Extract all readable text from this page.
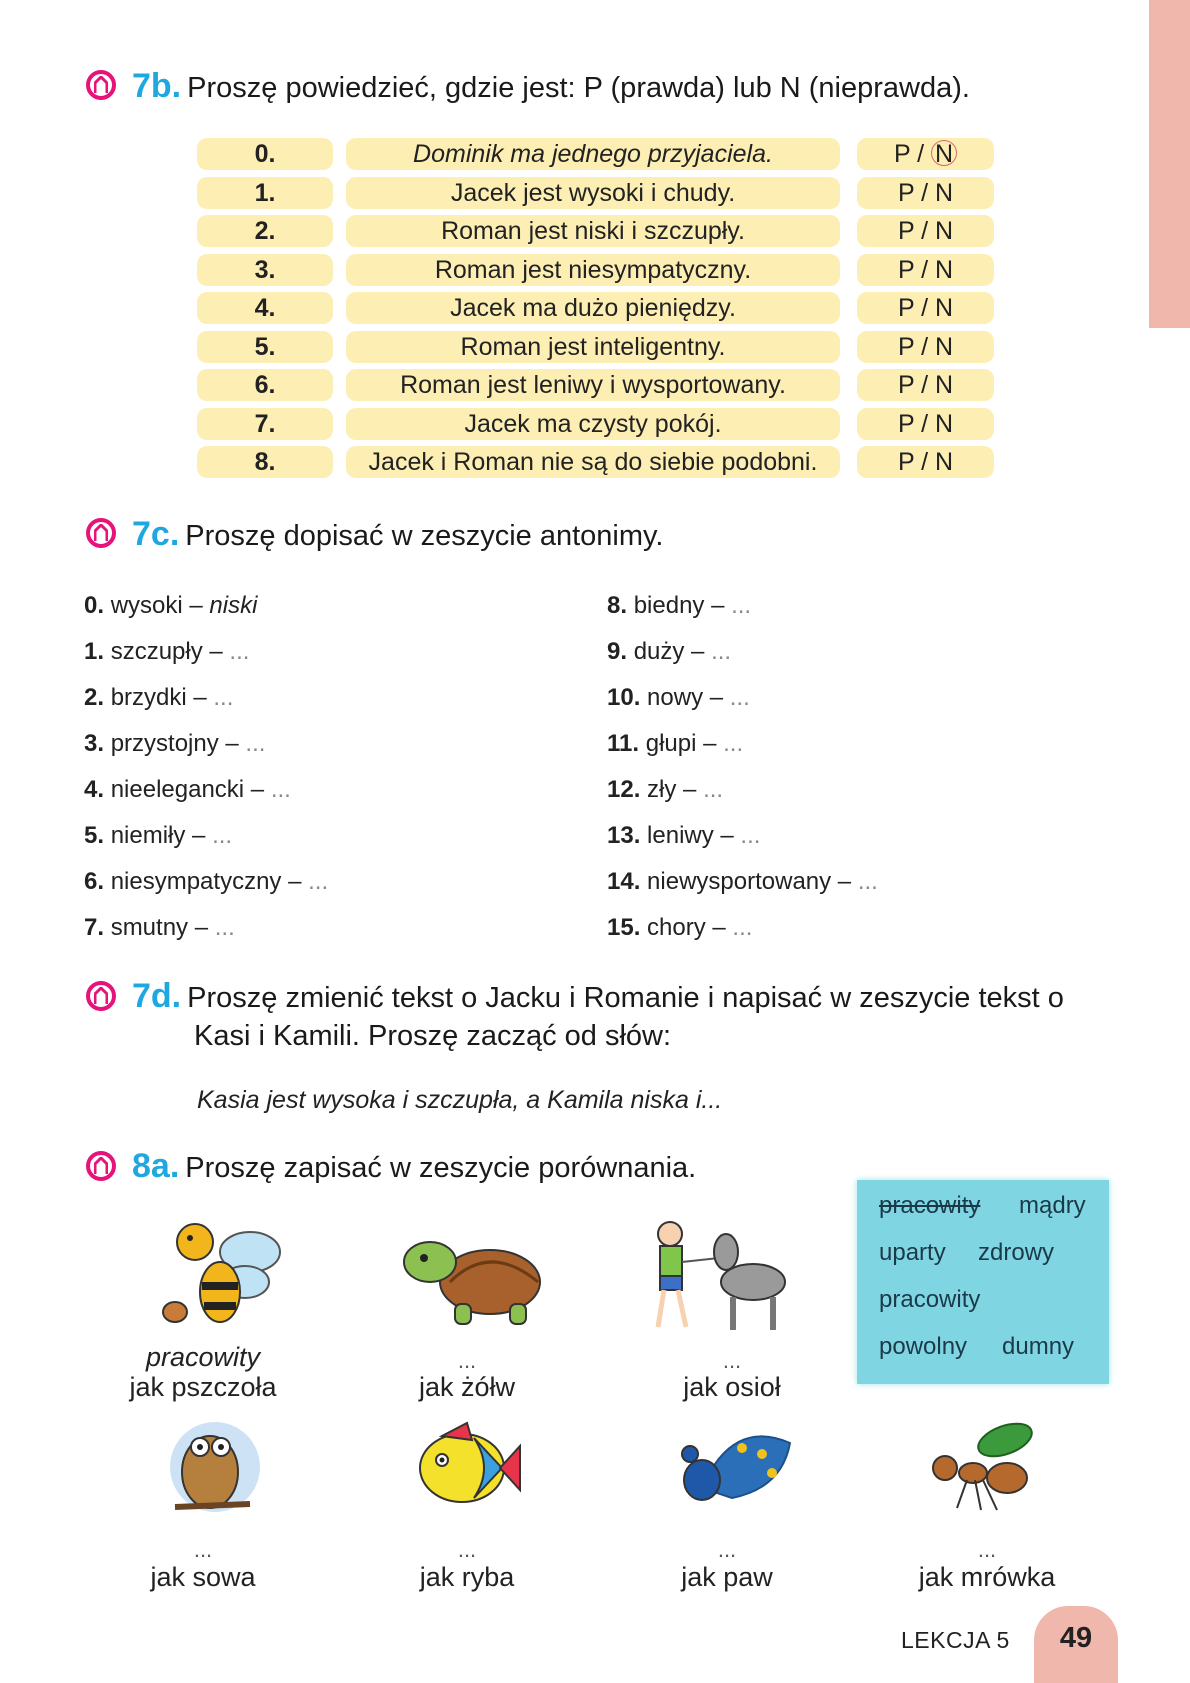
7b. Proszę powiedzieć, gdzie jest: P (prawda) lub N (nieprawda).
0.	Dominik ma jednego przyjaciela.	P / N
1.	Jacek jest wysoki i chudy.	P / N
2.	Roman jest niski i szczupły.	P / N
3.	Roman jest niesympatyczny.	P / N
4.	Jacek ma dużo pieniędzy.	P / N
5.	Roman jest inteligentny.	P / N
6.	Roman jest leniwy i wysportowany.	P / N
7.	Jacek ma czysty pokój.	P / N
8.	Jacek i Roman nie są do siebie podobni.	P / N
7c. Proszę dopisać w zeszycie antonimy.
0. wysoki – niski
1. szczupły – ...
2. brzydki – ...
3. przystojny – ...
4. nieelegancki – ...
5. niemiły – ...
6. niesympatyczny – ...
7. smutny – ...
8. biedny – ...
9. duży – ...
10. nowy – ...
11. głupi – ...
12. zły – ...
13. leniwy – ...
14. niewysportowany – ...
15. chory – ...
7d. Proszę zmienić tekst o Jacku i Romanie i napisać w zeszycie tekst o
Kasi i Kamili. Proszę zacząć od słów:
Kasia jest wysoka i szczupła, a Kamila niska i...
8a. Proszę zapisać w zeszycie porównania.
pracowity mądry
uparty zdrowy
pracowity
powolny dumny
pracowity
jak pszczoła
...
jak żółw
...
jak osioł
...
jak sowa
...
jak ryba
...
jak paw
...
jak mrówka
LEKCJA 5	49
